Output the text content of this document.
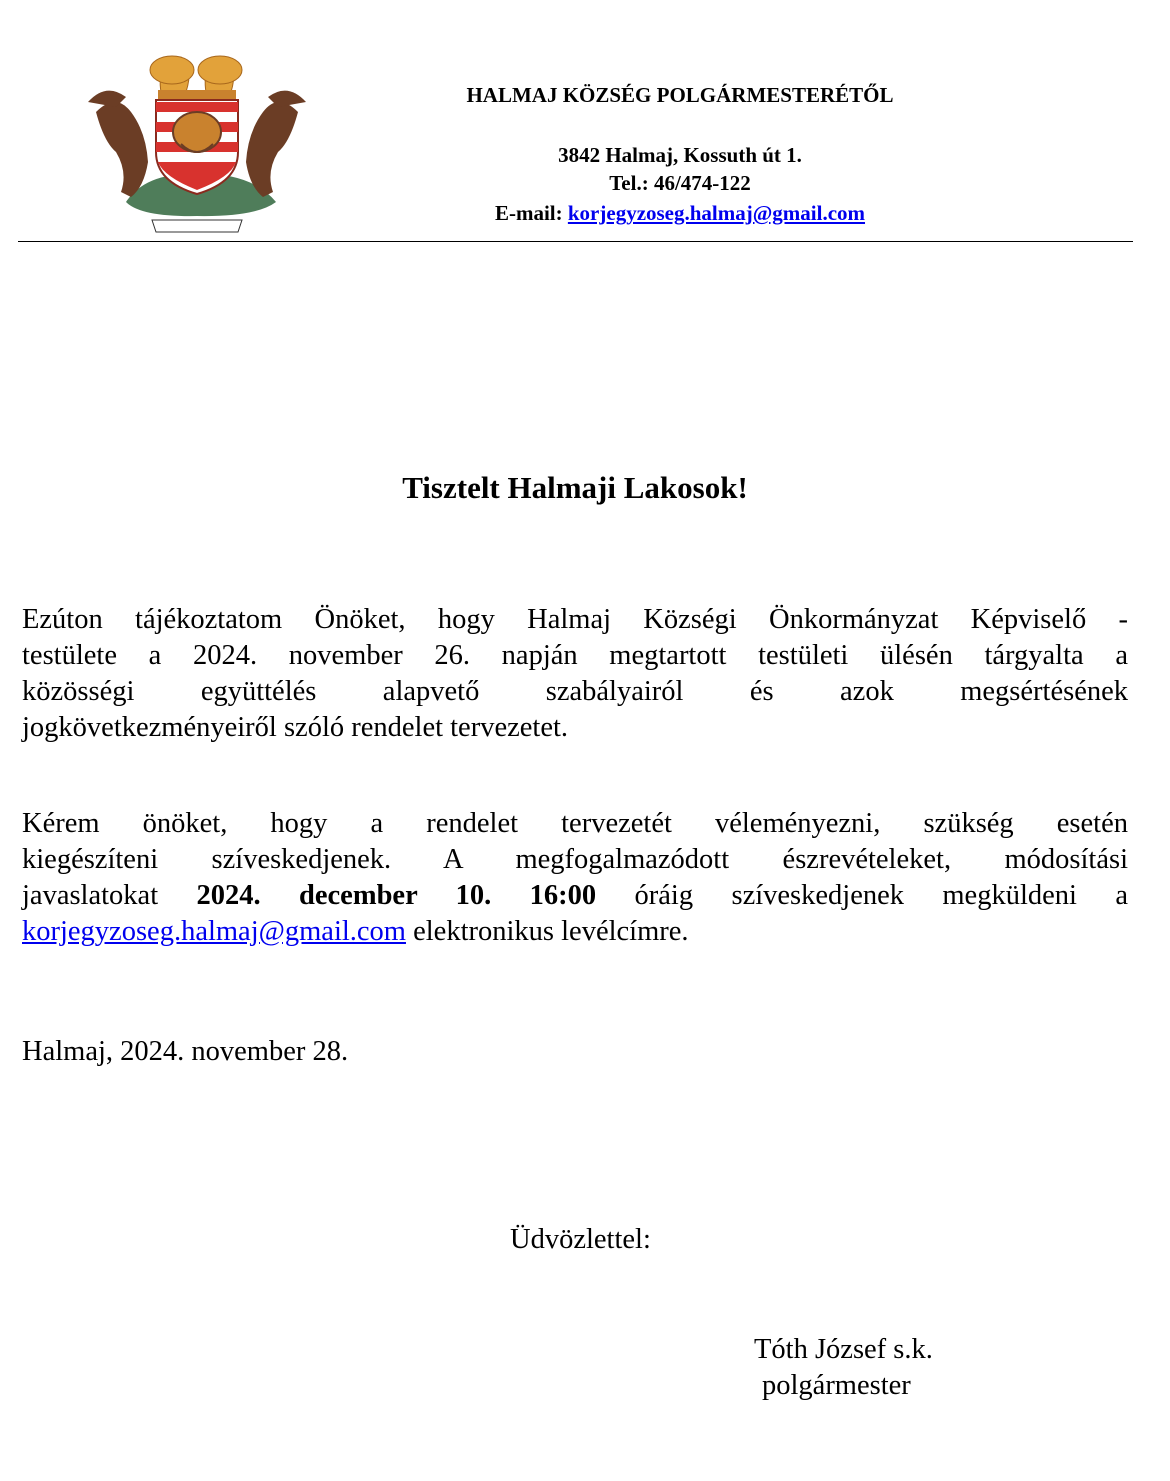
HALMAJ KÖZSÉG POLGÁRMESTERÉTŐL
3842 Halmaj, Kossuth út 1.
Tel.: 46/474-122
E-mail: korjegyzoseg.halmaj@gmail.com
Tisztelt Halmaji Lakosok!
Ezúton tájékoztatom Önöket, hogy Halmaj Községi Önkormányzat Képviselő -
testülete a 2024. november 26. napján megtartott testületi ülésén tárgyalta a
közösségi együttélés alapvető szabályairól és azok megsértésének
jogkövetkezményeiről szóló rendelet tervezetet.
Kérem önöket, hogy a rendelet tervezetét véleményezni, szükség esetén
kiegészíteni szíveskedjenek. A megfogalmazódott észrevételeket, módosítási
javaslatokat 2024. december 10. 16:00 óráig szíveskedjenek megküldeni a
korjegyzoseg.halmaj@gmail.com elektronikus levélcímre.
Halmaj, 2024. november 28.
Üdvözlettel:
Tóth József s.k.
polgármester
